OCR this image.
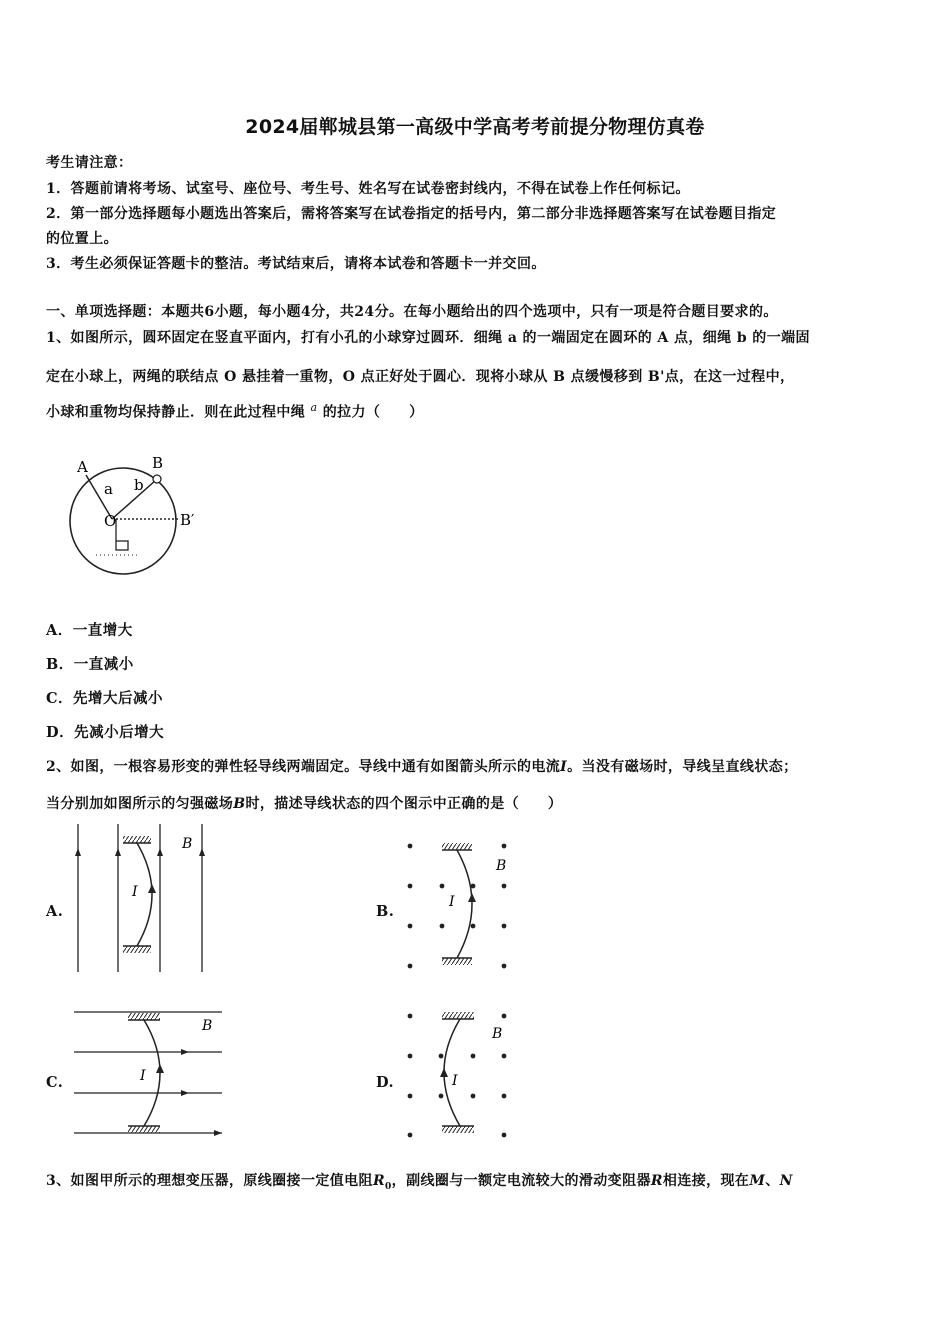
2024届郸城县第一高级中学高考考前提分物理仿真卷
考生请注意：
1．答题前请将考场、试室号、座位号、考生号、姓名写在试卷密封线内，不得在试卷上作任何标记。
2．第一部分选择题每小题选出答案后，需将答案写在试卷指定的括号内，第二部分非选择题答案写在试卷题目指定
的位置上。
3．考生必须保证答题卡的整洁。考试结束后，请将本试卷和答题卡一并交回。
一、单项选择题：本题共6小题，每小题4分，共24分。在每小题给出的四个选项中，只有一项是符合题目要求的。
1、如图所示，圆环固定在竖直平面内，打有小孔的小球穿过圆环．细绳 a 的一端固定在圆环的 A 点，细绳 b 的一端固
定在小球上，两绳的联结点 O 悬挂着一重物，O 点正好处于圆心．现将小球从 B 点缓慢移到 B'点，在这一过程中，
小球和重物均保持静止．则在此过程中绳 $^a$ 的拉力（　　）
A	B
a b
O	B′
A．一直增大
B．一直减小
C．先增大后减小
D．先减小后增大
2、如图，一根容易形变的弹性轻导线两端固定。导线中通有如图箭头所示的电流I。当没有磁场时，导线呈直线状态；
当分别加如图所示的匀强磁场B时，描述导线状态的四个图示中正确的是（　　）
A.	B.
C.	D.
I
B
I
B
I
B
I
B
3、如图甲所示的理想变压器，原线圈接一定值电阻$R_0$，副线圈与一额定电流较大的滑动变阻器R相连接，现在M、N
